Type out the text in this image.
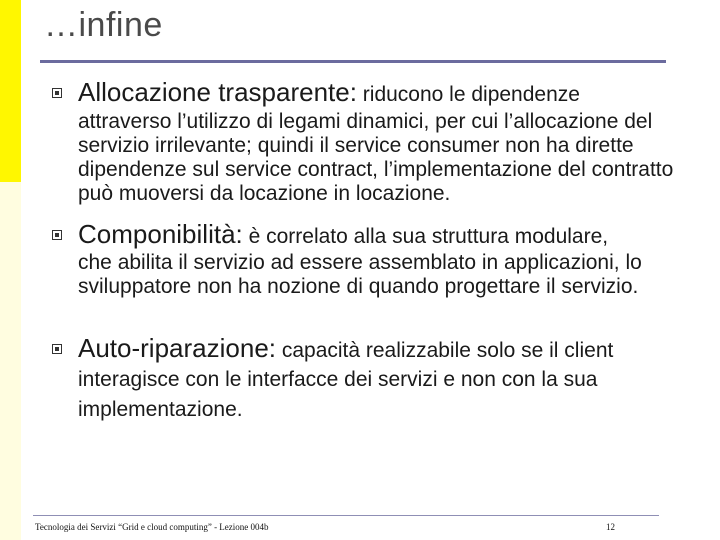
…infine
Allocazione trasparente: riducono le dipendenze
attraverso l’utilizzo di legami dinamici, per cui l’allocazione del servizio irrilevante; quindi il service consumer non ha dirette dipendenze sul service contract, l’implementazione del contratto può muoversi da locazione in locazione.
Componibilità: è correlato alla sua struttura modulare,
che abilita il servizio ad essere assemblato in applicazioni, lo sviluppatore non ha nozione di quando progettare il servizio.
Auto-riparazione: capacità realizzabile solo se il client
interagisce con le interfacce dei servizi e non con la sua implementazione.
Tecnologia dei Servizi “Grid e cloud computing” - Lezione 004b	12
